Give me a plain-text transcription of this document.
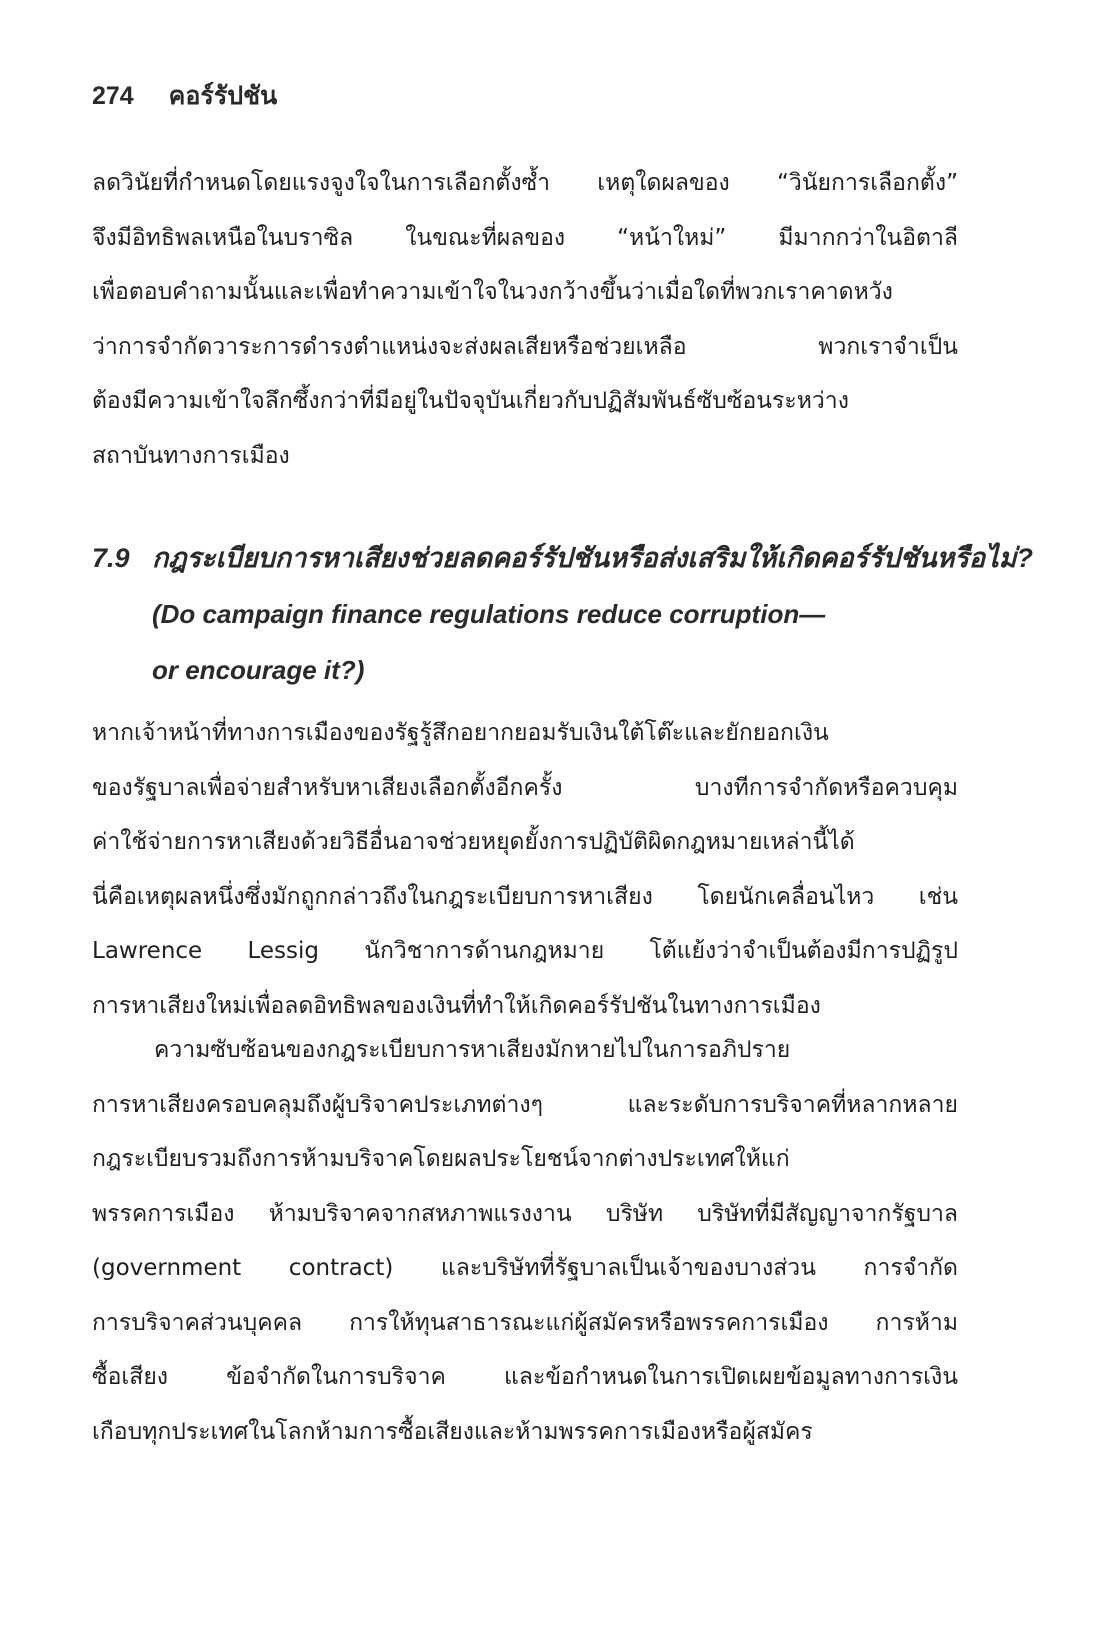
274 คอร์รัปชัน
ลดวินัยที่กำหนดโดยแรงจูงใจในการเลือกตั้งซ้ำ เหตุใดผลของ “วินัยการเลือกตั้ง”
จึงมีอิทธิพลเหนือในบราซิล ในขณะที่ผลของ “หน้าใหม่” มีมากกว่าในอิตาลี
เพื่อตอบคำถามนั้นและเพื่อทำความเข้าใจในวงกว้างขึ้นว่าเมื่อใดที่พวกเราคาดหวัง
ว่าการจำกัดวาระการดำรงตำแหน่งจะส่งผลเสียหรือช่วยเหลือ พวกเราจำเป็น
ต้องมีความเข้าใจลึกซึ้งกว่าที่มีอยู่ในปัจจุบันเกี่ยวกับปฏิสัมพันธ์ซับซ้อนระหว่าง
สถาบันทางการเมือง
7.9 กฎระเบียบการหาเสียงช่วยลดคอร์รัปชันหรือส่งเสริมให้เกิดคอร์รัปชันหรือไม่?
(Do campaign finance regulations reduce corruption—
or encourage it?)
หากเจ้าหน้าที่ทางการเมืองของรัฐรู้สึกอยากยอมรับเงินใต้โต๊ะและยักยอกเงิน
ของรัฐบาลเพื่อจ่ายสำหรับหาเสียงเลือกตั้งอีกครั้ง บางทีการจำกัดหรือควบคุม
ค่าใช้จ่ายการหาเสียงด้วยวิธีอื่นอาจช่วยหยุดยั้งการปฏิบัติผิดกฎหมายเหล่านี้ได้
นี่คือเหตุผลหนึ่งซึ่งมักถูกกล่าวถึงในกฎระเบียบการหาเสียง โดยนักเคลื่อนไหว เช่น
Lawrence Lessig นักวิชาการด้านกฎหมาย โต้แย้งว่าจำเป็นต้องมีการปฏิรูป
การหาเสียงใหม่เพื่อลดอิทธิพลของเงินที่ทำให้เกิดคอร์รัปชันในทางการเมือง
ความซับซ้อนของกฎระเบียบการหาเสียงมักหายไปในการอภิปราย
การหาเสียงครอบคลุมถึงผู้บริจาคประเภทต่างๆ และระดับการบริจาคที่หลากหลาย
กฎระเบียบรวมถึงการห้ามบริจาคโดยผลประโยชน์จากต่างประเทศให้แก่
พรรคการเมือง ห้ามบริจาคจากสหภาพแรงงาน บริษัท บริษัทที่มีสัญญาจากรัฐบาล
(government contract) และบริษัทที่รัฐบาลเป็นเจ้าของบางส่วน การจำกัด
การบริจาคส่วนบุคคล การให้ทุนสาธารณะแก่ผู้สมัครหรือพรรคการเมือง การห้าม
ซื้อเสียง ข้อจำกัดในการบริจาค และข้อกำหนดในการเปิดเผยข้อมูลทางการเงิน
เกือบทุกประเทศในโลกห้ามการซื้อเสียงและห้ามพรรคการเมืองหรือผู้สมัคร
